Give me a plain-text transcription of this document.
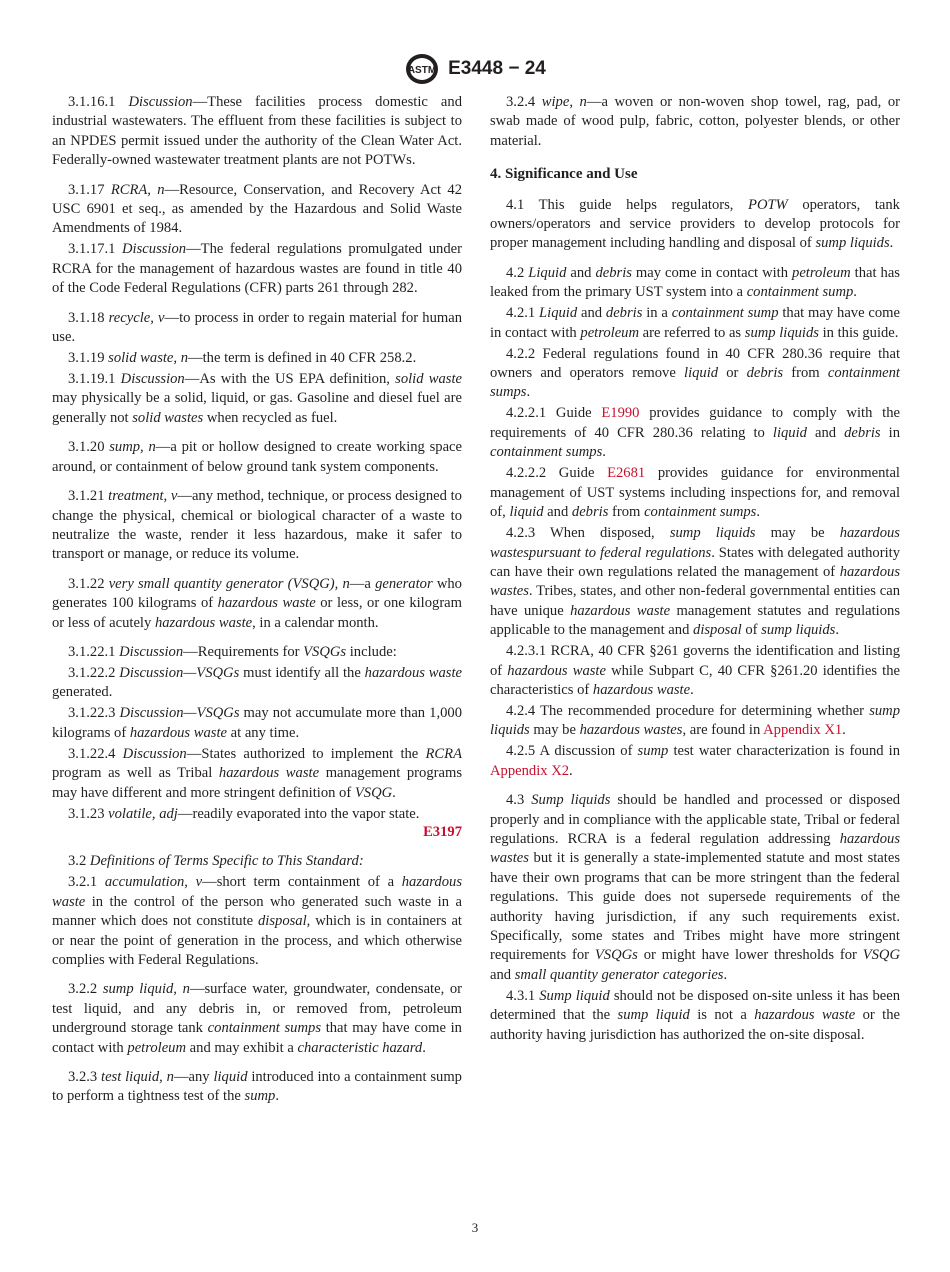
ASTM E3448 − 24

3.1.16.1 Discussion—These facilities process domestic and industrial wastewaters. The effluent from these facilities is subject to an NPDES permit issued under the authority of the Clean Water Act. Federally-owned wastewater treatment plants are not POTWs.

3.1.17 RCRA, n—Resource, Conservation, and Recovery Act 42 USC 6901 et seq., as amended by the Hazardous and Solid Waste Amendments of 1984.

3.1.17.1 Discussion—The federal regulations promulgated under RCRA for the management of hazardous wastes are found in title 40 of the Code Federal Regulations (CFR) parts 261 through 282.

3.1.18 recycle, v—to process in order to regain material for human use.

3.1.19 solid waste, n—the term is defined in 40 CFR 258.2.

3.1.19.1 Discussion—As with the US EPA definition, solid waste may physically be a solid, liquid, or gas. Gasoline and diesel fuel are generally not solid wastes when recycled as fuel.

3.1.20 sump, n—a pit or hollow designed to create working space around, or containment of below ground tank system components.

3.1.21 treatment, v—any method, technique, or process designed to change the physical, chemical or biological character of a waste to neutralize the waste, render it less hazardous, make it safer to transport or manage, or reduce its volume.

3.1.22 very small quantity generator (VSQG), n—a generator who generates 100 kilograms of hazardous waste or less, or one kilogram or less of acutely hazardous waste, in a calendar month.

3.1.22.1 Discussion—Requirements for VSQGs include:

3.1.22.2 Discussion—VSQGs must identify all the hazardous waste generated.

3.1.22.3 Discussion—VSQGs may not accumulate more than 1,000 kilograms of hazardous waste at any time.

3.1.22.4 Discussion—States authorized to implement the RCRA program as well as Tribal hazardous waste management programs may have different and more stringent definition of VSQG.

3.1.23 volatile, adj—readily evaporated into the vapor state.

E3197

3.2 Definitions of Terms Specific to This Standard:

3.2.1 accumulation, v—short term containment of a hazardous waste in the control of the person who generated such waste in a manner which does not constitute disposal, which is in containers at or near the point of generation in the process, and which otherwise complies with Federal Regulations.

3.2.2 sump liquid, n—surface water, groundwater, condensate, or test liquid, and any debris in, or removed from, petroleum underground storage tank containment sumps that may have come in contact with petroleum and may exhibit a characteristic hazard.

3.2.3 test liquid, n—any liquid introduced into a containment sump to perform a tightness test of the sump.

3.2.4 wipe, n—a woven or non-woven shop towel, rag, pad, or swab made of wood pulp, fabric, cotton, polyester blends, or other material.

4. Significance and Use

4.1 This guide helps regulators, POTW operators, tank owners/operators and service providers to develop protocols for proper management including handling and disposal of sump liquids.

4.2 Liquid and debris may come in contact with petroleum that has leaked from the primary UST system into a containment sump.

4.2.1 Liquid and debris in a containment sump that may have come in contact with petroleum are referred to as sump liquids in this guide.

4.2.2 Federal regulations found in 40 CFR 280.36 require that owners and operators remove liquid or debris from containment sumps.

4.2.2.1 Guide E1990 provides guidance to comply with the requirements of 40 CFR 280.36 relating to liquid and debris in containment sumps.

4.2.2.2 Guide E2681 provides guidance for environmental management of UST systems including inspections for, and removal of, liquid and debris from containment sumps.

4.2.3 When disposed, sump liquids may be hazardous wastespursuant to federal regulations. States with delegated authority can have their own regulations related the management of hazardous wastes. Tribes, states, and other non-federal governmental entities can have unique hazardous waste management statutes and regulations applicable to the management and disposal of sump liquids.

4.2.3.1 RCRA, 40 CFR §261 governs the identification and listing of hazardous waste while Subpart C, 40 CFR §261.20 identifies the characteristics of hazardous waste.

4.2.4 The recommended procedure for determining whether sump liquids may be hazardous wastes, are found in Appendix X1.

4.2.5 A discussion of sump test water characterization is found in Appendix X2.

4.3 Sump liquids should be handled and processed or disposed properly and in compliance with the applicable state, Tribal or federal regulations. RCRA is a federal regulation addressing hazardous wastes but it is generally a state-implemented statute and most states have their own programs that can be more stringent than the federal regulations. This guide does not supersede requirements of the authority having jurisdiction, if any such requirements exist. Specifically, some states and Tribes might have more stringent requirements for VSQGs or might have lower thresholds for VSQG and small quantity generator categories.

4.3.1 Sump liquid should not be disposed on-site unless it has been determined that the sump liquid is not a hazardous waste or the authority having jurisdiction has authorized the on-site disposal.

3
